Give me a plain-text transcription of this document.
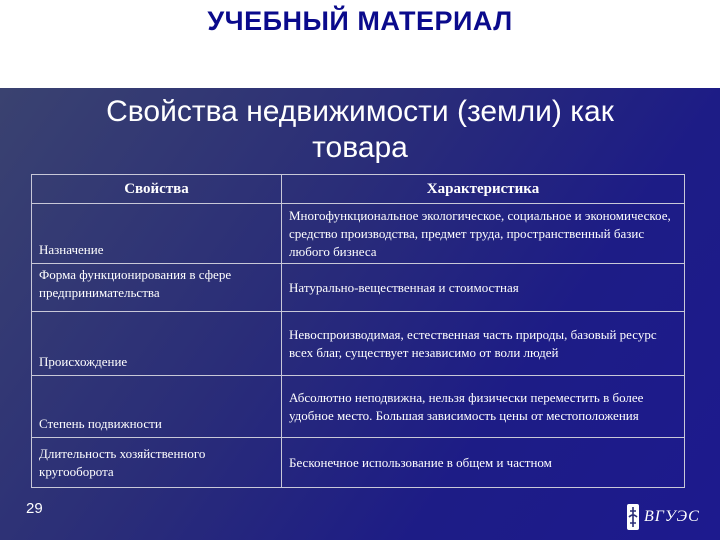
УЧЕБНЫЙ МАТЕРИАЛ
Свойства недвижимости (земли) как
товара
Свойства	Характеристика

Назначение	Многофункциональное экологическое, социальное и экономическое, средство производства, предмет труда, пространственный базис любого бизнеса

Форма функционирования в сфере предпринимательства	Натурально-вещественная и стоимостная

Происхождение	Невоспроизводимая, естественная часть природы, базовый ресурс всех благ, существует независимо от воли людей

Степень подвижности	Абсолютно неподвижна, нельзя физически переместить в более удобное место. Большая зависимость цены от местоположения

Длительность хозяйственного кругооборота	Бесконечное использование в общем и частном
29	ВГУЭС
